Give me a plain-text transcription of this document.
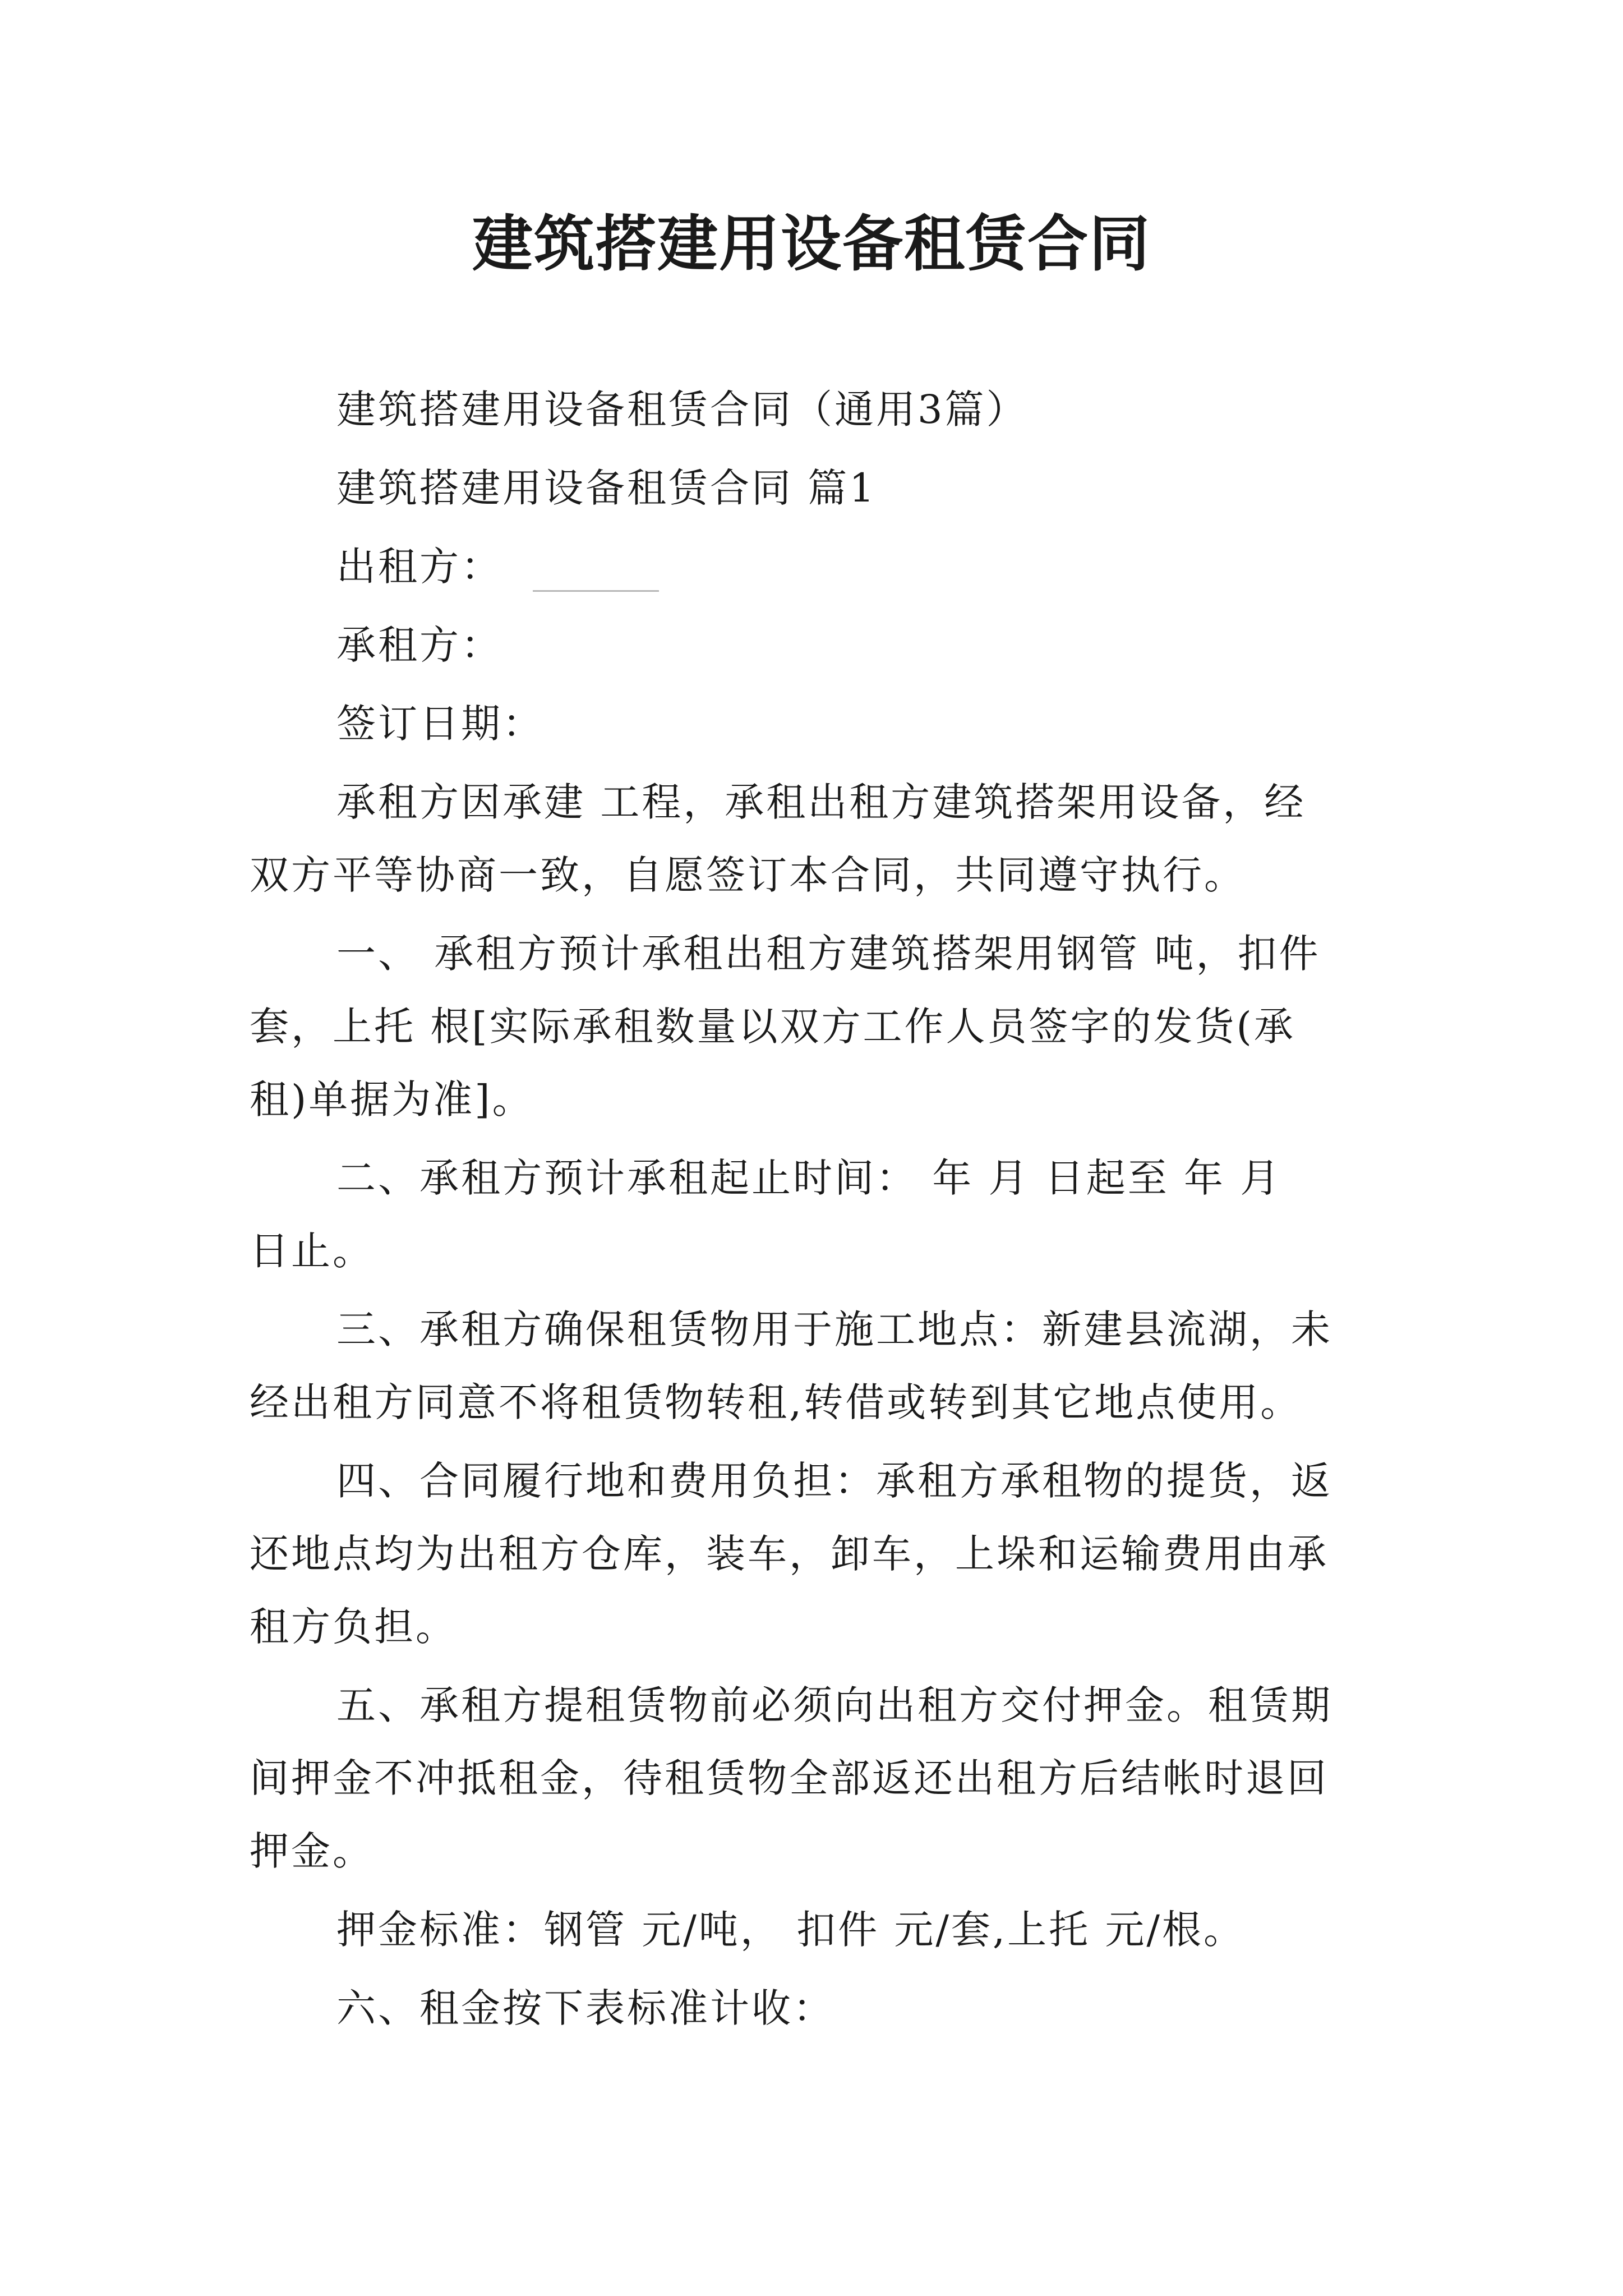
建筑搭建用设备租赁合同
建筑搭建用设备租赁合同（通用3篇）
建筑搭建用设备租赁合同 篇1
出租方：
承租方：
签订日期：
承租方因承建 工程，承租出租方建筑搭架用设备，经
双方平等协商一致，自愿签订本合同，共同遵守执行。
一、 承租方预计承租出租方建筑搭架用钢管 吨，扣件
套，上托 根[实际承租数量以双方工作人员签字的发货(承
租)单据为准]。
二、承租方预计承租起止时间： 年 月 日起至 年 月
日止。
三、承租方确保租赁物用于施工地点：新建县流湖，未
经出租方同意不将租赁物转租,转借或转到其它地点使用。
四、合同履行地和费用负担：承租方承租物的提货，返
还地点均为出租方仓库，装车，卸车，上垛和运输费用由承
租方负担。
五、承租方提租赁物前必须向出租方交付押金。租赁期
间押金不冲抵租金，待租赁物全部返还出租方后结帐时退回
押金。
押金标准：钢管 元/吨， 扣件 元/套,上托 元/根。
六、租金按下表标准计收：
